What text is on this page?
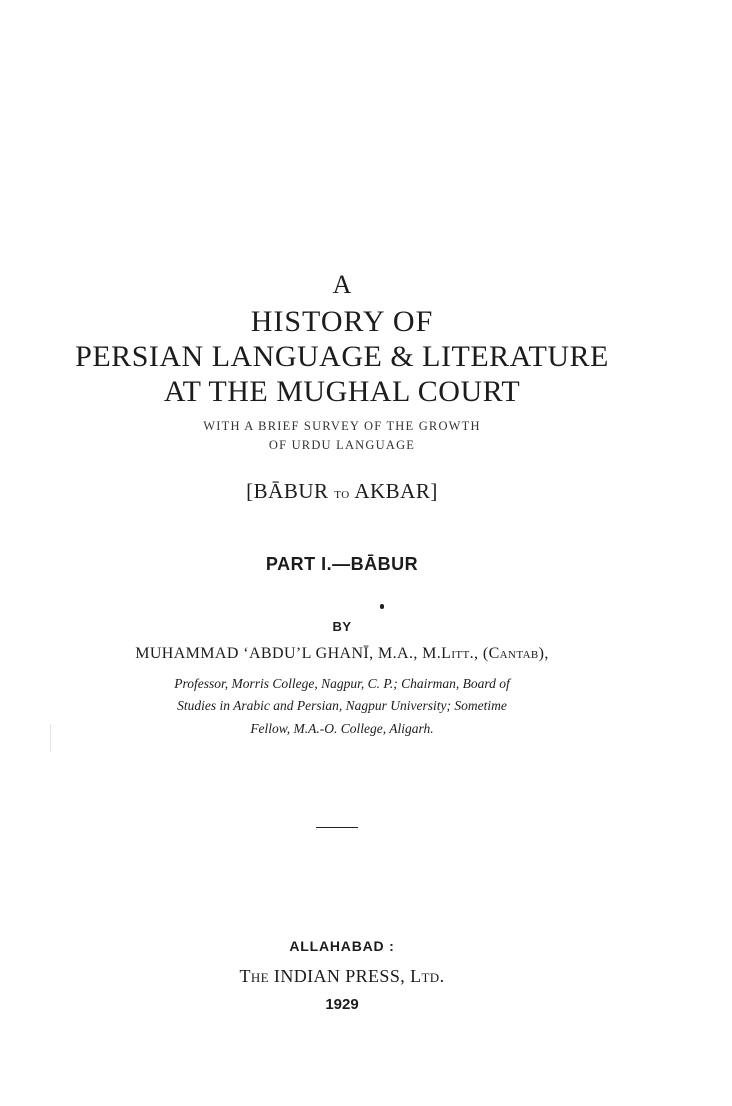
A
HISTORY OF
PERSIAN LANGUAGE & LITERATURE
AT THE MUGHAL COURT
WITH A BRIEF SURVEY OF THE GROWTH
OF URDU LANGUAGE
[BĀBUR to AKBAR]
PART I.—BĀBUR
BY
MUHAMMAD ‘ABDU’L GHANĪ, M.A., M.Litt., (Cantab),
Professor, Morris College, Nagpur, C. P.; Chairman, Board of
Studies in Arabic and Persian, Nagpur University; Sometime
Fellow, M.A.-O. College, Aligarh.
ALLAHABAD :
The INDIAN PRESS, Ltd.
1929
